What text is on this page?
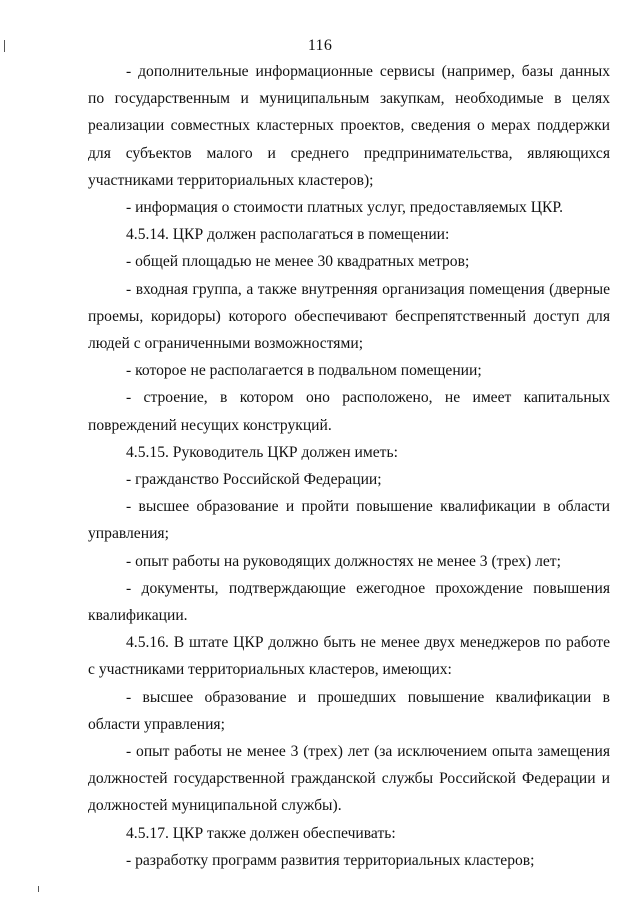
116

- дополнительные информационные сервисы (например, базы данных по государственным и муниципальным закупкам, необходимые в целях реализации совместных кластерных проектов, сведения о мерах поддержки для субъектов малого и среднего предпринимательства, являющихся участниками территориальных кластеров);

- информация о стоимости платных услуг, предоставляемых ЦКР.

4.5.14. ЦКР должен располагаться в помещении:

- общей площадью не менее 30 квадратных метров;

- входная группа, а также внутренняя организация помещения (дверные проемы, коридоры) которого обеспечивают беспрепятственный доступ для людей с ограниченными возможностями;

- которое не располагается в подвальном помещении;

- строение, в котором оно расположено, не имеет капитальных повреждений несущих конструкций.

4.5.15. Руководитель ЦКР должен иметь:

- гражданство Российской Федерации;

- высшее образование и пройти повышение квалификации в области управления;

- опыт работы на руководящих должностях не менее 3 (трех) лет;

- документы, подтверждающие ежегодное прохождение повышения квалификации.

4.5.16. В штате ЦКР должно быть не менее двух менеджеров по работе с участниками территориальных кластеров, имеющих:

- высшее образование и прошедших повышение квалификации в области управления;

- опыт работы не менее 3 (трех) лет (за исключением опыта замещения должностей государственной гражданской службы Российской Федерации и должностей муниципальной службы).

4.5.17. ЦКР также должен обеспечивать:

- разработку программ развития территориальных кластеров;
